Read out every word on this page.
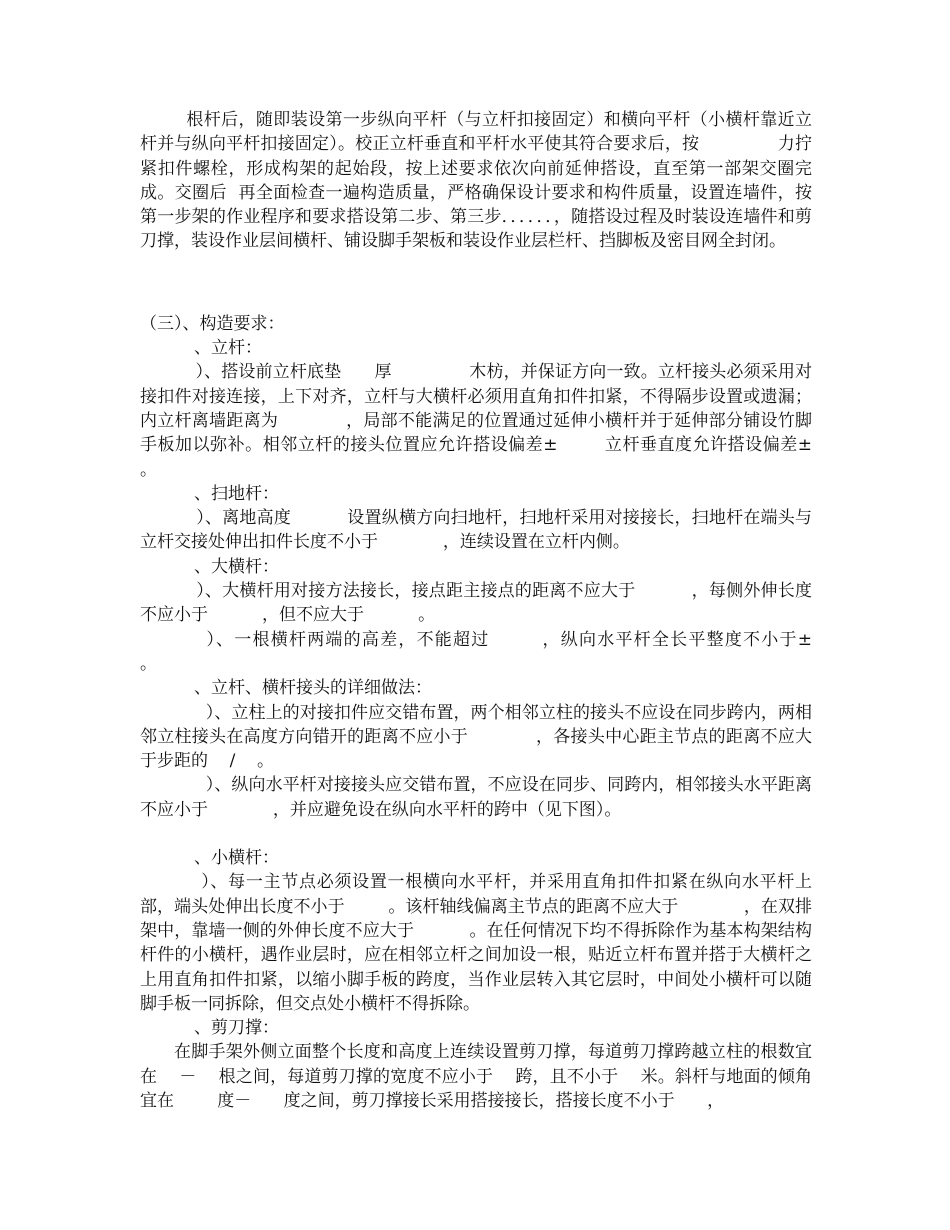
根杆后，随即装设第一步纵向平杆（与立杆扣接固定）和横向平杆（小横杆靠近立杆并与纵向平杆扣接固定）。校正立杆垂直和平杆水平使其符合要求后，按              力拧紧扣件螺栓，形成构架的起始段，按上述要求依次向前延伸搭设，直至第一部架交圈完成。交圈后  再全面检查一遍构造质量，严格确保设计要求和构件质量，设置连墙件，按第一步架的作业程序和要求搭设第二步、第三步．．．．．．，随搭设过程及时装设连墙件和剪刀撑，装设作业层间横杆、铺设脚手架板和装设作业层栏杆、挡脚板及密目网全封闭。

（三）、构造要求：

、立杆：

）、搭设前立杆底垫      厚              木枋，并保证方向一致。立杆接头必须采用对接扣件对接连接，上下对齐，立杆与大横杆必须用直角扣件扣紧，不得隔步设置或遗漏；内立杆离墙距离为            ，局部不能满足的位置通过延伸小横杆并于延伸部分铺设竹脚手板加以弥补。相邻立杆的接头位置应允许搭设偏差±        立杆垂直度允许搭设偏差±        。

、扫地杆：

）、离地高度          设置纵横方向扫地杆，扫地杆采用对接接长，扫地杆在端头与立杆交接处伸出扣件长度不小于            ，连续设置在立杆内侧。

、大横杆：

）、大横杆用对接方法接长，接点距主接点的距离不应大于          ，每侧外伸长度不应小于          ，但不应大于          。

）、一根横杆两端的高差，不能超过        ，纵向水平杆全长平整度不小于±          。

、立杆、横杆接头的详细做法：

）、立柱上的对接扣件应交错布置，两个相邻立柱的接头不应设在同步跨内，两相邻立柱接头在高度方向错开的距离不应小于            ，各接头中心距主节点的距离不应大于步距的    /    。

）、纵向水平杆对接接头应交错布置，不应设在同步、同跨内，相邻接头水平距离不应小于            ，并应避免设在纵向水平杆的跨中（见下图）。

、小横杆：

）、每一主节点必须设置一根横向水平杆，并采用直角扣件扣紧在纵向水平杆上部，端头处伸出长度不小于        。该杆轴线偏离主节点的距离不应大于            ，在双排架中，靠墙一侧的外伸长度不应大于          。在任何情况下均不得拆除作为基本构架结构杆件的小横杆，遇作业层时，应在相邻立杆之间加设一根，贴近立杆布置并搭于大横杆之上用直角扣件扣紧，以缩小脚手板的跨度，当作业层转入其它层时，中间处小横杆可以随脚手板一同拆除，但交点处小横杆不得拆除。

、剪刀撑：

在脚手架外侧立面整个长度和高度上连续设置剪刀撑，每道剪刀撑跨越立柱的根数宜在    －    根之间，每道剪刀撑的宽度不应小于    跨，且不小于    米。斜杆与地面的倾角宜在        度－      度之间，剪刀撑接长采用搭接接长，搭接长度不小于      ，
